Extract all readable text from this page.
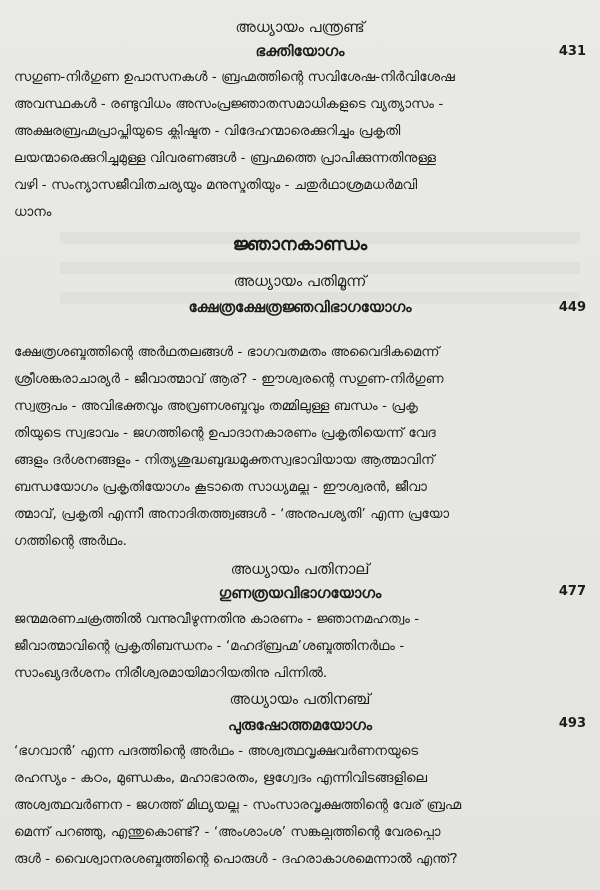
അധ്യായം പന്ത്രണ്ട്
ഭക്തിയോഗം	431
സഗുണ-നിർഗുണ ഉപാസനകൾ - ബ്രഹ്മത്തിന്റെ സവിശേഷ-നിർവിശേഷ
അവസ്ഥകൾ - രണ്ടുവിധം അസംപ്രജ്ഞാതസമാധികളുടെ വ്യത്യാസം -
അക്ഷരബ്രഹ്മപ്രാപ്തിയുടെ ക്ലിഷ്ടത - വിദേഹന്മാരെക്കുറിച്ചും പ്രകൃതി
ലയന്മാരെക്കുറിച്ചുമുള്ള വിവരണങ്ങൾ - ബ്രഹ്മത്തെ പ്രാപിക്കുന്നതിനുള്ള
വഴി - സംന്യാസജീവിതചര്യയും മനുസ്മൃതിയും - ചതുർഥാശ്രമധർമവി
ധാനം
ജ്ഞാനകാണ്ഡം
അധ്യായം പതിമൂന്ന്
ക്ഷേത്രക്ഷേത്രജ്ഞവിഭാഗയോഗം	449
ക്ഷേത്രശബ്ദത്തിന്റെ അർഥതലങ്ങൾ - ഭാഗവതമതം അവൈദികമെന്ന്
ശ്രീശങ്കരാചാര്യർ - ജീവാത്മാവ് ആര്? - ഈശ്വരന്റെ സഗുണ-നിർഗുണ
സ്വരൂപം - അവിഭക്തവും അവ്രണശബ്ദവും തമ്മിലുള്ള ബന്ധം - പ്രകൃ
തിയുടെ സ്വഭാവം - ജഗത്തിന്റെ ഉപാദാനകാരണം പ്രകൃതിയെന്ന് വേദ
ങ്ങളും ദർശനങ്ങളും - നിത്യശുദ്ധബുദ്ധമുക്തസ്വഭാവിയായ ആത്മാവിന്
ബന്ധയോഗം പ്രകൃതിയോഗം കൂടാതെ സാധ്യമല്ല - ഈശ്വരൻ, ജീവാ
ത്മാവ്, പ്രകൃതി എന്നീ അനാദിതത്ത്വങ്ങൾ - ‘അനുപശ്യതി’ എന്ന പ്രയോ
ഗത്തിന്റെ അർഥം.
അധ്യായം പതിനാല്
ഗുണത്രയവിഭാഗയോഗം	477
ജന്മമരണചക്രത്തിൽ വന്നുവീഴുന്നതിനു കാരണം - ജ്ഞാനമഹത്വം -
ജീവാത്മാവിന്റെ പ്രകൃതിബന്ധനം - ‘മഹദ്ബ്രഹ്മ’ശബ്ദത്തിനർഥം -
സാംഖ്യദർശനം നിരീശ്വരമായിമാറിയതിനു പിന്നിൽ.
അധ്യായം പതിനഞ്ച്
പുരുഷോത്തമയോഗം	493
‘ഭഗവാൻ’ എന്ന പദത്തിന്റെ അർഥം - അശ്വത്ഥവൃക്ഷവർണനയുടെ
രഹസ്യം - കഠം, മുണ്ഡകം, മഹാഭാരതം, ഋഗ്വേദം എന്നിവിടങ്ങളിലെ
അശ്വത്ഥവർണന - ജഗത്ത് മിഥ്യയല്ല - സംസാരവൃക്ഷത്തിന്റെ വേര് ബ്രഹ്മ
മെന്ന് പറഞ്ഞു, എന്തുകൊണ്ട്? - ‘അംശാംശ’ സങ്കല്പത്തിന്റെ വേരപ്പൊ
രുൾ - വൈശ്വാനരശബ്ദത്തിന്റെ പൊരുൾ - ദഹരാകാശമെന്നാൽ എന്ത്?
